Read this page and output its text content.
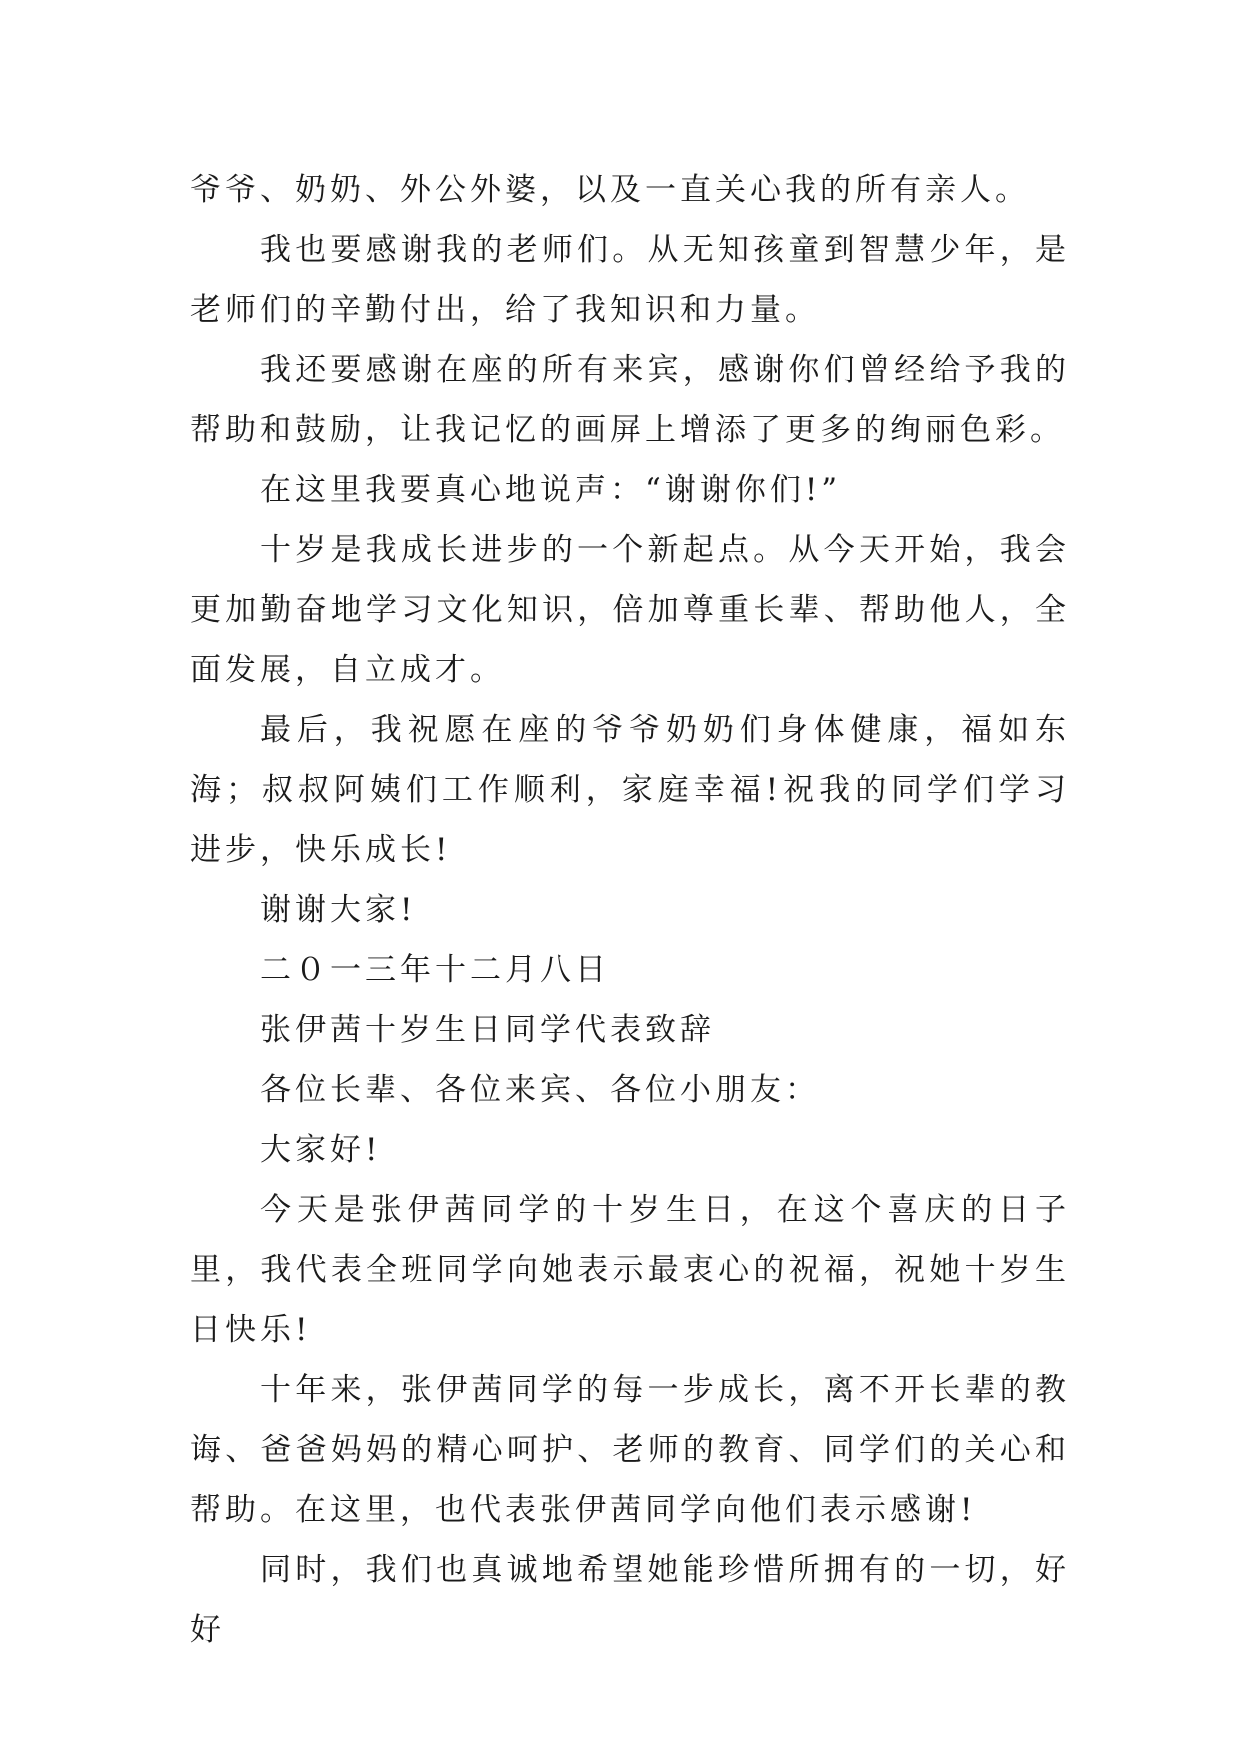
爷爷、奶奶、外公外婆，以及一直关心我的所有亲人。

我也要感谢我的老师们。从无知孩童到智慧少年，是老师们的辛勤付出，给了我知识和力量。

我还要感谢在座的所有来宾，感谢你们曾经给予我的帮助和鼓励，让我记忆的画屏上增添了更多的绚丽色彩。

在这里我要真心地说声：“谢谢你们!”

十岁是我成长进步的一个新起点。从今天开始，我会更加勤奋地学习文化知识，倍加尊重长辈、帮助他人，全面发展，自立成才。

最后，我祝愿在座的爷爷奶奶们身体健康，福如东海；叔叔阿姨们工作顺利，家庭幸福!祝我的同学们学习进步，快乐成长!

谢谢大家!

二０一三年十二月八日

张伊茜十岁生日同学代表致辞

各位长辈、各位来宾、各位小朋友：

大家好!

今天是张伊茜同学的十岁生日，在这个喜庆的日子里，我代表全班同学向她表示最衷心的祝福，祝她十岁生日快乐!

十年来，张伊茜同学的每一步成长，离不开长辈的教诲、爸爸妈妈的精心呵护、老师的教育、同学们的关心和帮助。在这里，也代表张伊茜同学向他们表示感谢!

同时，我们也真诚地希望她能珍惜所拥有的一切，好好
